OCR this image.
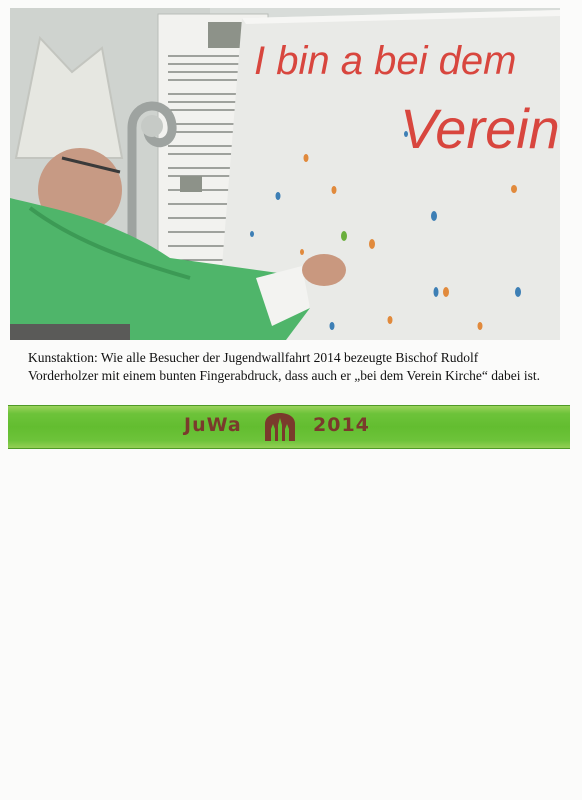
I bin a bei dem
Verein
Kunstaktion: Wie alle Besucher der Jugendwallfahrt 2014 bezeugte Bischof Rudolf Vorderholzer mit einem bunten Fingerabdruck, dass auch er „bei dem Verein Kirche“ dabei ist.
JuWa	2014
